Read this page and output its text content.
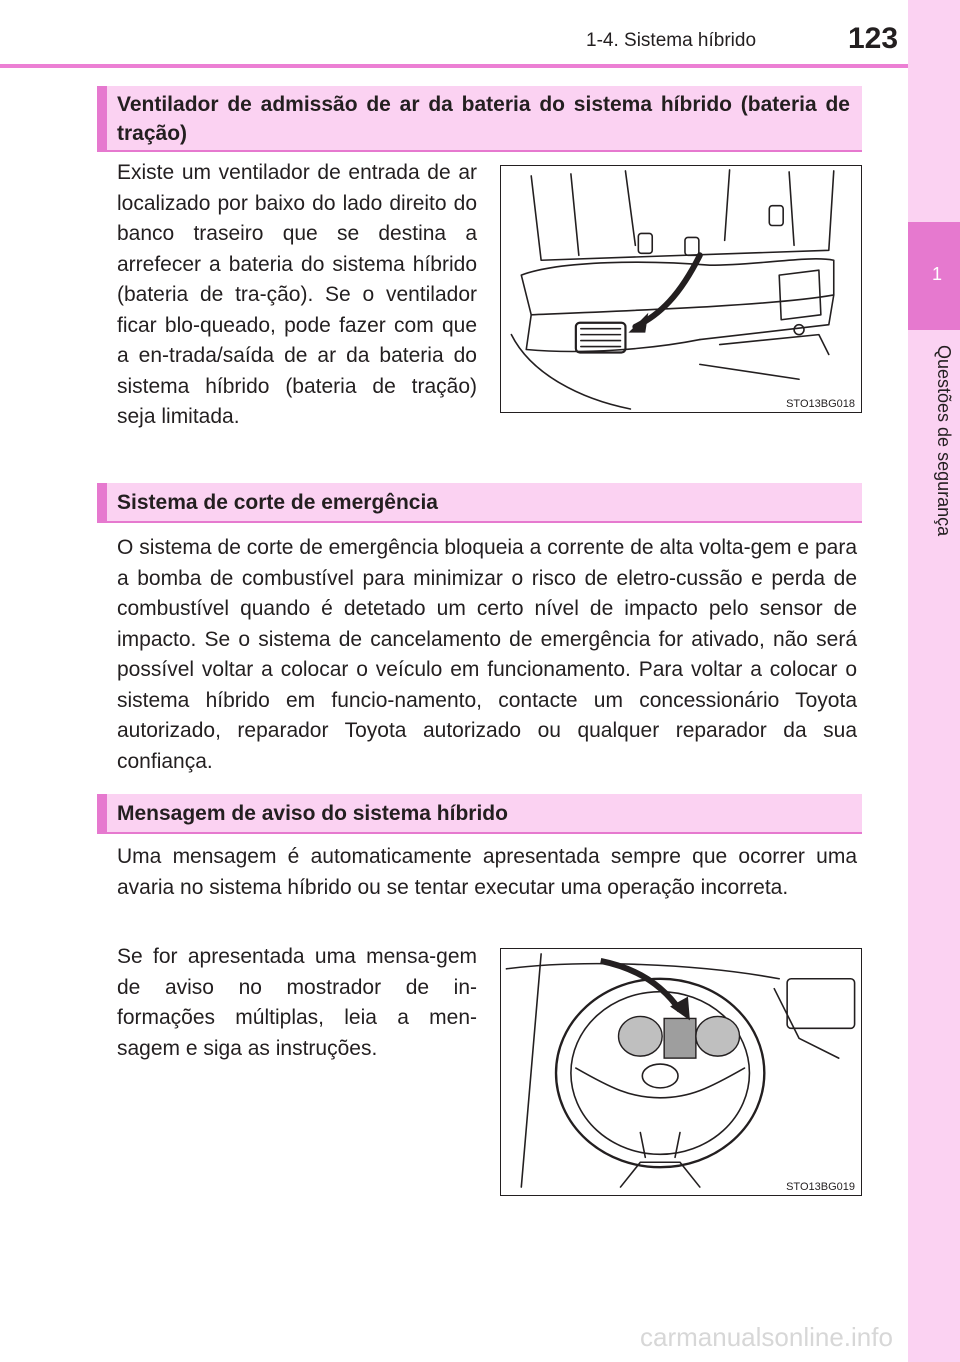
1
Questões de segurança
1-4. Sistema híbrido	123
Ventilador de admissão de ar da bateria do sistema híbrido (bateria de tração)
Existe um ventilador de entrada de ar localizado por baixo do lado direito do banco traseiro que se destina a arrefecer a bateria do sistema híbrido (bateria de tra-ção). Se o ventilador ficar blo-queado, pode fazer com que a en-trada/saída de ar da bateria do sistema híbrido (bateria de tração) seja limitada.
STO13BG018
Sistema de corte de emergência
O sistema de corte de emergência bloqueia a corrente de alta volta-gem e para a bomba de combustível para minimizar o risco de eletro-cussão e perda de combustível quando é detetado um certo nível de impacto pelo sensor de impacto. Se o sistema de cancelamento de emergência for ativado, não será possível voltar a colocar o veículo em funcionamento. Para voltar a colocar o sistema híbrido em funcio-namento, contacte um concessionário Toyota autorizado, reparador Toyota autorizado ou qualquer reparador da sua confiança.
Mensagem de aviso do sistema híbrido
Uma mensagem é automaticamente apresentada sempre que ocorrer uma avaria no sistema híbrido ou se tentar executar uma operação incorreta.
Se for apresentada uma mensa-gem de aviso no mostrador de in-formações múltiplas, leia a men-sagem e siga as instruções.
STO13BG019
carmanualsonline.info
